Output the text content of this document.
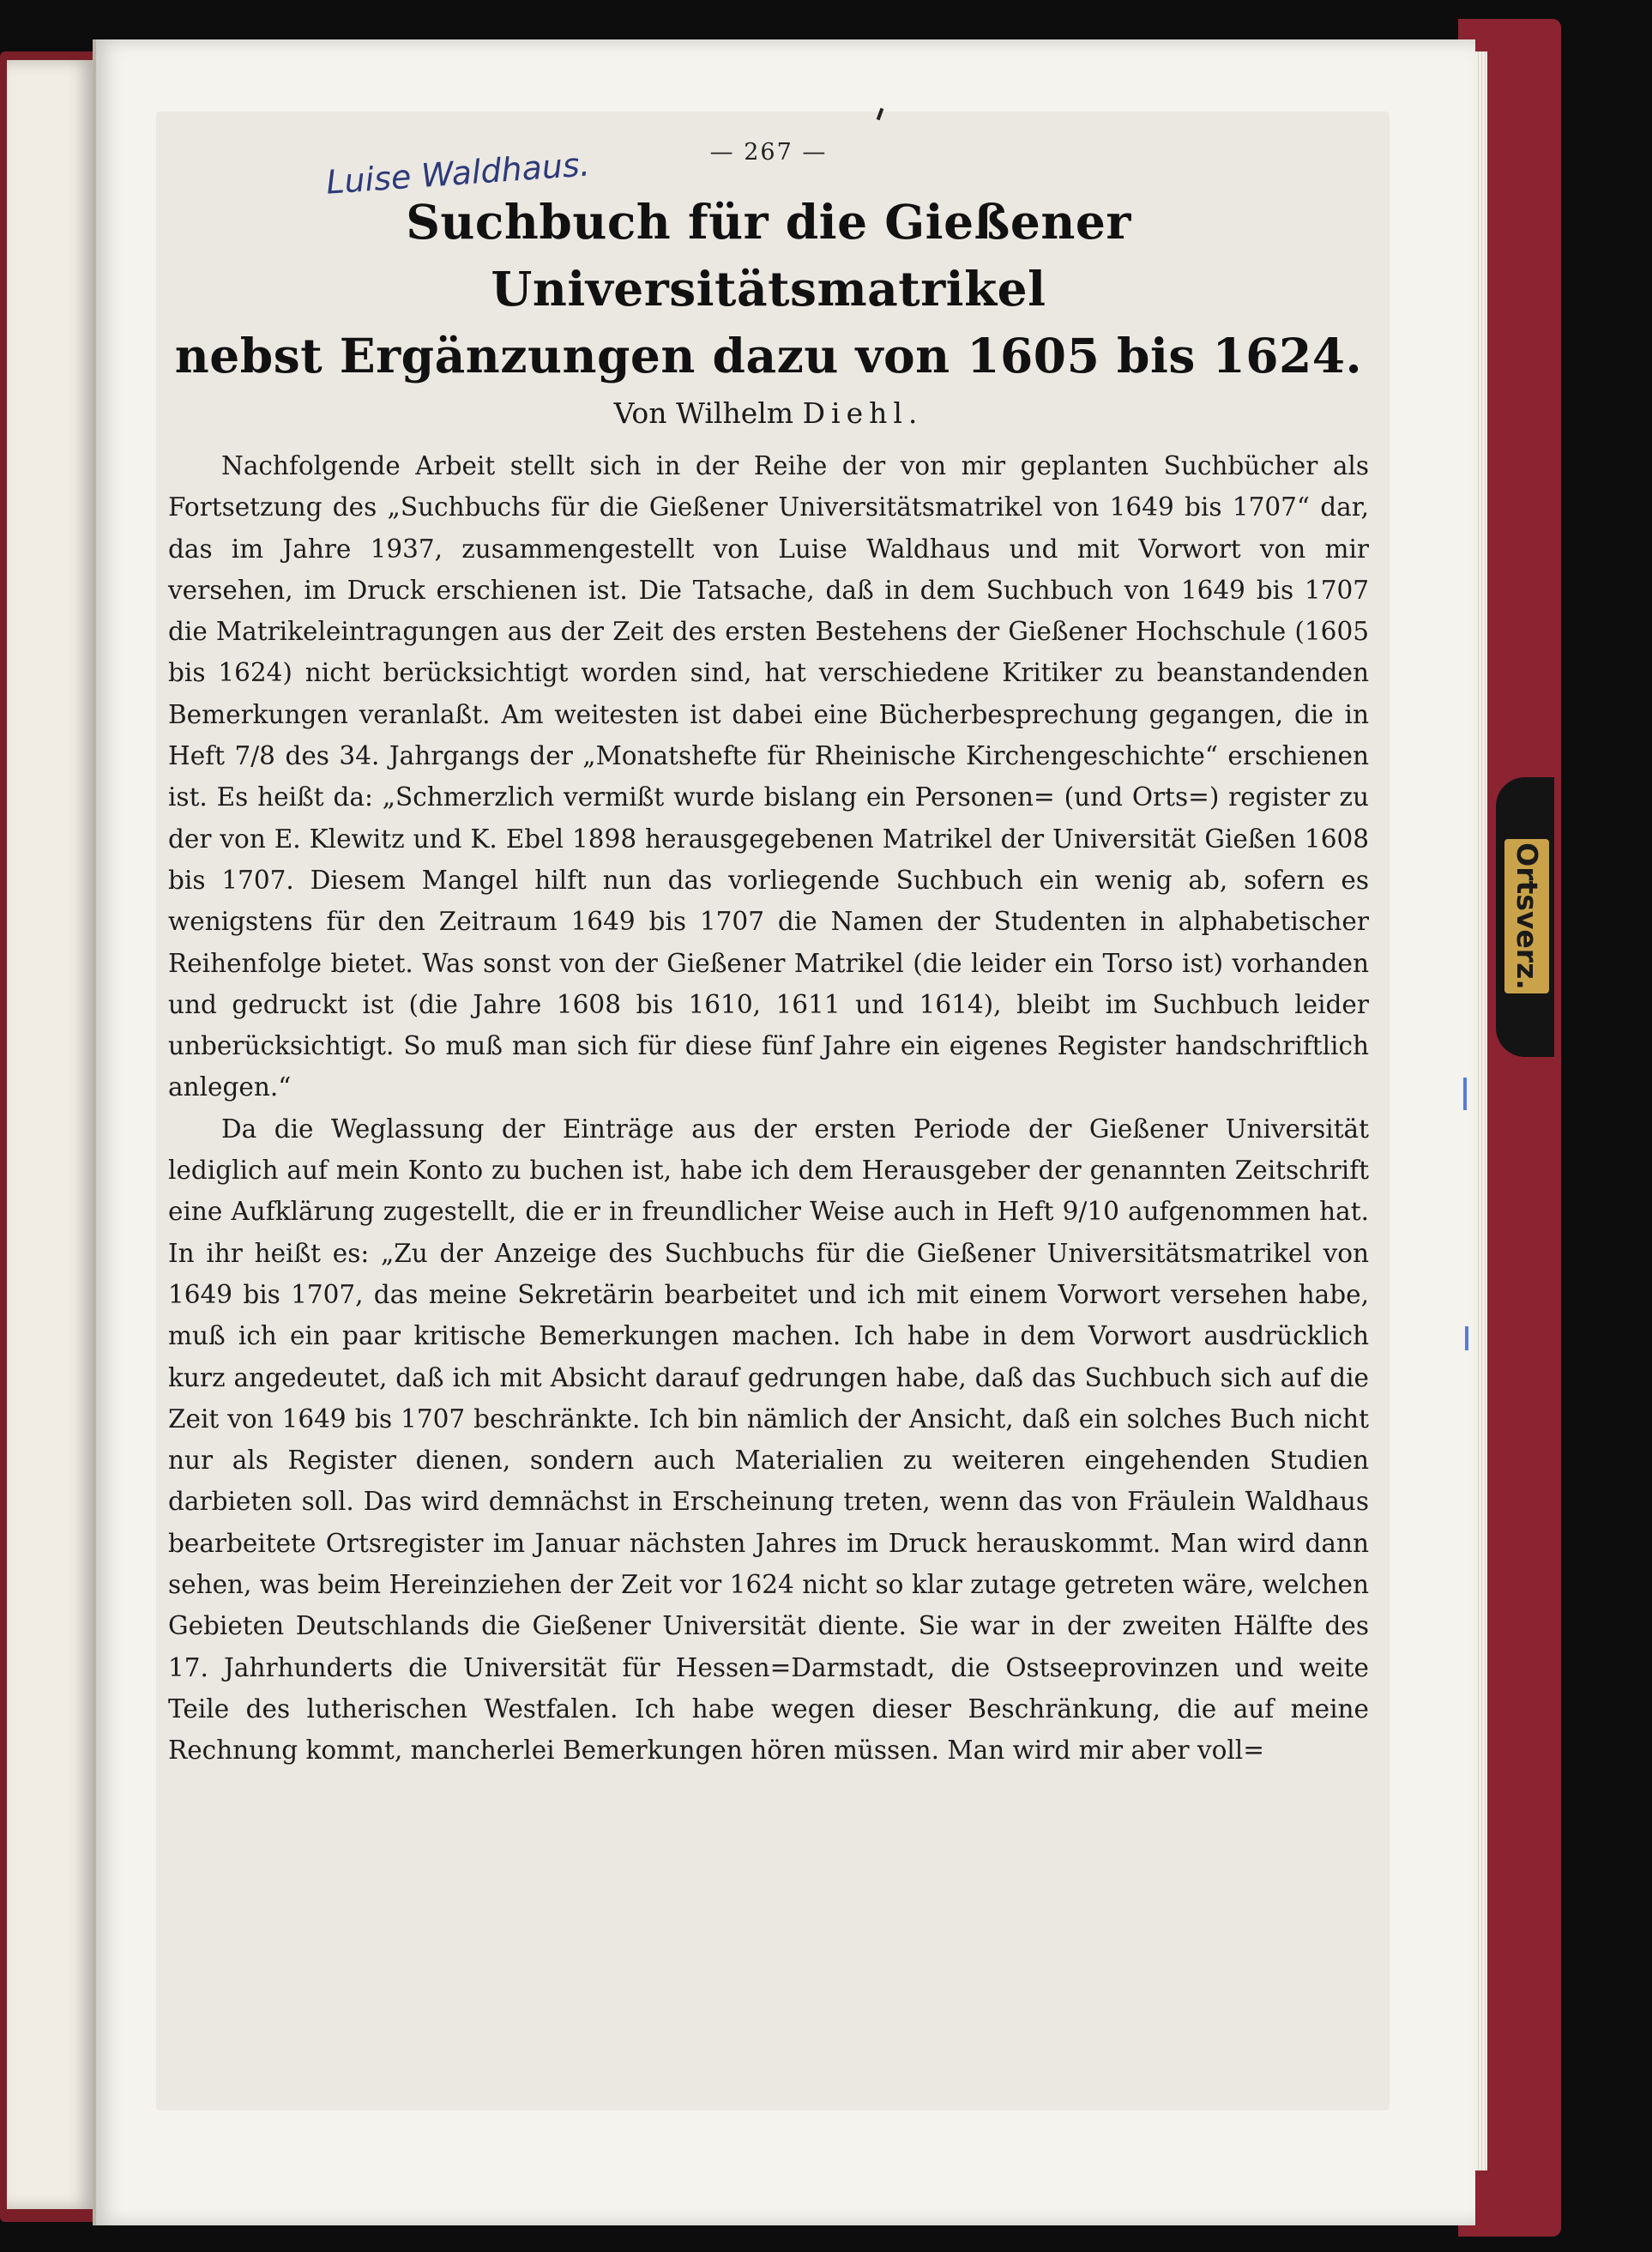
Luise Waldhaus.	— 267 —
Suchbuch für die Gießener Universitätsmatrikel
nebst Ergänzungen dazu von 1605 bis 1624.
Von Wilhelm Diehl.

Nachfolgende Arbeit stellt sich in der Reihe der von mir geplanten Suchbücher als Fortsetzung des „Suchbuchs für die Gießener Universitätsmatrikel von 1649 bis 1707“ dar, das im Jahre 1937, zusammengestellt von Luise Waldhaus und mit Vorwort von mir versehen, im Druck erschienen ist. Die Tatsache, daß in dem Suchbuch von 1649 bis 1707 die Matrikeleintragungen aus der Zeit des ersten Bestehens der Gießener Hochschule (1605 bis 1624) nicht berücksichtigt worden sind, hat verschiedene Kritiker zu beanstandenden Bemerkungen veranlaßt. Am weitesten ist dabei eine Bücherbesprechung gegangen, die in Heft 7/8 des 34. Jahrgangs der „Monatshefte für Rheinische Kirchengeschichte“ erschienen ist. Es heißt da: „Schmerzlich vermißt wurde bislang ein Personen= (und Orts=) register zu der von E. Klewitz und K. Ebel 1898 herausgegebenen Matrikel der Universität Gießen 1608 bis 1707. Diesem Mangel hilft nun das vorliegende Suchbuch ein wenig ab, sofern es wenigstens für den Zeitraum 1649 bis 1707 die Namen der Studenten in alphabetischer Reihenfolge bietet. Was sonst von der Gießener Matrikel (die leider ein Torso ist) vorhanden und gedruckt ist (die Jahre 1608 bis 1610, 1611 und 1614), bleibt im Suchbuch leider unberücksichtigt. So muß man sich für diese fünf Jahre ein eigenes Register handschriftlich anlegen.“

Da die Weglassung der Einträge aus der ersten Periode der Gießener Universität lediglich auf mein Konto zu buchen ist, habe ich dem Herausgeber der genannten Zeitschrift eine Aufklärung zugestellt, die er in freundlicher Weise auch in Heft 9/10 aufgenommen hat. In ihr heißt es: „Zu der Anzeige des Suchbuchs für die Gießener Universitätsmatrikel von 1649 bis 1707, das meine Sekretärin bearbeitet und ich mit einem Vorwort versehen habe, muß ich ein paar kritische Bemerkungen machen. Ich habe in dem Vorwort ausdrücklich kurz angedeutet, daß ich mit Absicht darauf gedrungen habe, daß das Suchbuch sich auf die Zeit von 1649 bis 1707 beschränkte. Ich bin nämlich der Ansicht, daß ein solches Buch nicht nur als Register dienen, sondern auch Materialien zu weiteren eingehenden Studien darbieten soll. Das wird demnächst in Erscheinung treten, wenn das von Fräulein Waldhaus bearbeitete Ortsregister im Januar nächsten Jahres im Druck herauskommt. Man wird dann sehen, was beim Hereinziehen der Zeit vor 1624 nicht so klar zutage getreten wäre, welchen Gebieten Deutschlands die Gießener Universität diente. Sie war in der zweiten Hälfte des 17. Jahrhunderts die Universität für Hessen=Darmstadt, die Ostseeprovinzen und weite Teile des lutherischen Westfalen. Ich habe wegen dieser Beschränkung, die auf meine Rechnung kommt, mancherlei Bemerkungen hören müssen. Man wird mir aber voll=

Ortsverz.
